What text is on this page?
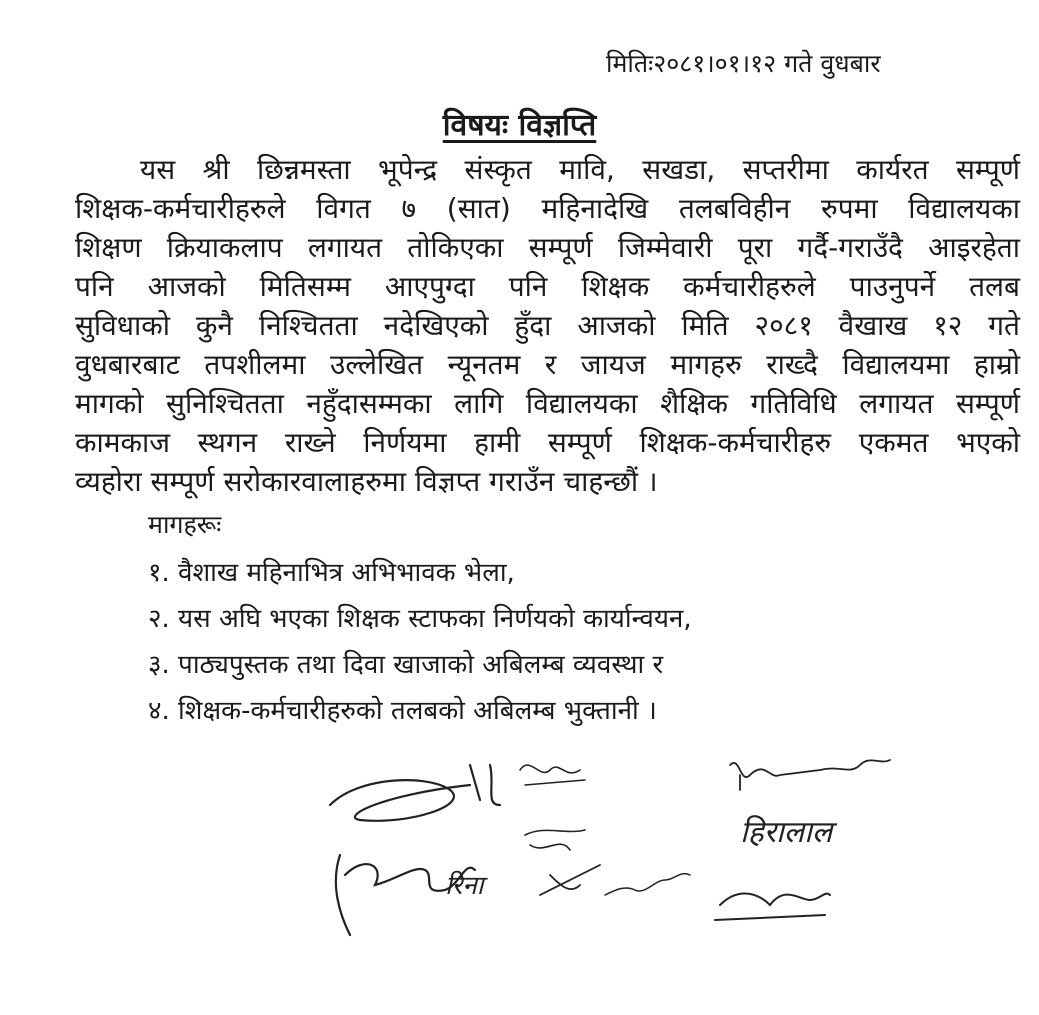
मितिः२०८१।०१।१२ गते वुधबार
विषयः विज्ञप्ति
यस श्री छिन्नमस्ता भूपेन्द्र संस्कृत मावि, सखडा, सप्तरीमा कार्यरत सम्पूर्ण
शिक्षक-कर्मचारीहरुले विगत ७ (सात) महिनादेखि तलबविहीन रुपमा विद्यालयका
शिक्षण क्रियाकलाप लगायत तोकिएका सम्पूर्ण जिम्मेवारी पूरा गर्दै-गराउँदै आइरहेता
पनि आजको मितिसम्म आएपुग्दा पनि शिक्षक कर्मचारीहरुले पाउनुपर्ने तलब
सुविधाको कुनै निश्चितता नदेखिएको हुँदा आजको मिति २०८१ वैखाख १२ गते
वुधबारबाट तपशीलमा उल्लेखित न्यूनतम र जायज मागहरु राख्दै विद्यालयमा हाम्रो
मागको सुनिश्चितता नहुँदासम्मका लागि विद्यालयका शैक्षिक गतिविधि लगायत सम्पूर्ण
कामकाज स्थगन राख्ने निर्णयमा हामी सम्पूर्ण शिक्षक-कर्मचारीहरु एकमत भएको
व्यहोरा सम्पूर्ण सरोकारवालाहरुमा विज्ञप्त गराउँन चाहन्छौं ।
मागहरूः
१. वैशाख महिनाभित्र अभिभावक भेला,
२. यस अघि भएका शिक्षक स्टाफका निर्णयको कार्यान्वयन,
३. पाठ्यपुस्तक तथा दिवा खाजाको अबिलम्ब व्यवस्था र
४. शिक्षक-कर्मचारीहरुको तलबको अबिलम्ब भुक्तानी ।
रिना
हिरालाल
